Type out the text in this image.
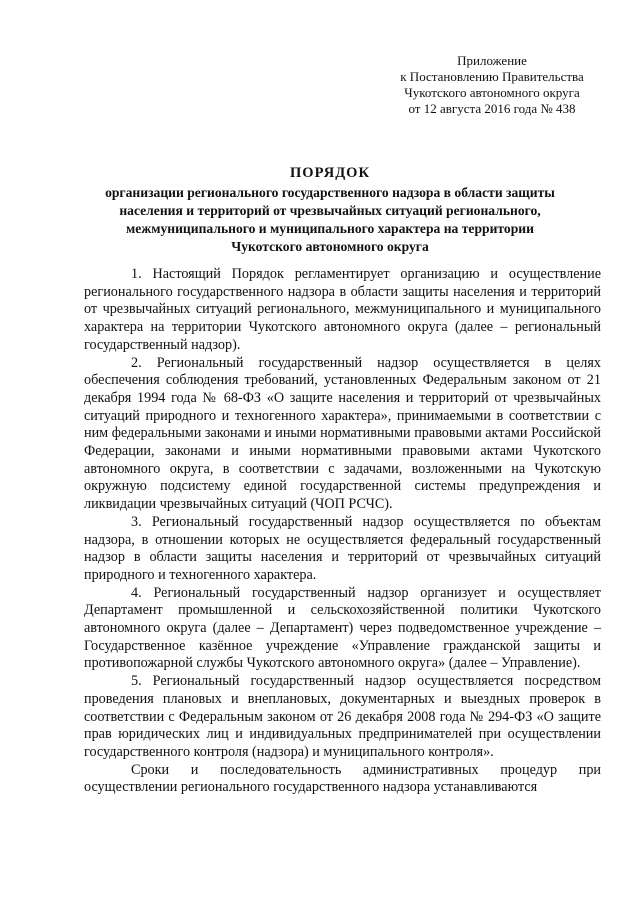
Приложение
к Постановлению Правительства
Чукотского автономного округа
от 12 августа 2016 года № 438
ПОРЯДОК
организации регионального государственного надзора в области защиты
населения и территорий от чрезвычайных ситуаций регионального,
межмуниципального и муниципального характера на территории
Чукотского автономного округа

1. Настоящий Порядок регламентирует организацию и осуществление регионального государственного надзора в области защиты населения и территорий от чрезвычайных ситуаций регионального, межмуниципального и муниципального характера на территории Чукотского автономного округа (далее – региональный государственный надзор).

2. Региональный государственный надзор осуществляется в целях обеспечения соблюдения требований, установленных Федеральным законом от 21 декабря 1994 года № 68-ФЗ «О защите населения и территорий от чрезвычайных ситуаций природного и техногенного характера», принимаемыми в соответствии с ним федеральными законами и иными нормативными правовыми актами Российской Федерации, законами и иными нормативными правовыми актами Чукотского автономного округа, в соответствии с задачами, возложенными на Чукотскую окружную подсистему единой государственной системы предупреждения и ликвидации чрезвычайных ситуаций (ЧОП РСЧС).

3. Региональный государственный надзор осуществляется по объектам надзора, в отношении которых не осуществляется федеральный государственный надзор в области защиты населения и территорий от чрезвычайных ситуаций природного и техногенного характера.

4. Региональный государственный надзор организует и осуществляет Департамент промышленной и сельскохозяйственной политики Чукотского автономного округа (далее – Департамент) через подведомственное учреждение – Государственное казённое учреждение «Управление гражданской защиты и противопожарной службы Чукотского автономного округа» (далее – Управление).

5. Региональный государственный надзор осуществляется посредством проведения плановых и внеплановых, документарных и выездных проверок в соответствии с Федеральным законом от 26 декабря 2008 года № 294-ФЗ «О защите прав юридических лиц и индивидуальных предпринимателей при осуществлении государственного контроля (надзора) и муниципального контроля».

Сроки и последовательность административных процедур при осуществлении регионального государственного надзора устанавливаются
